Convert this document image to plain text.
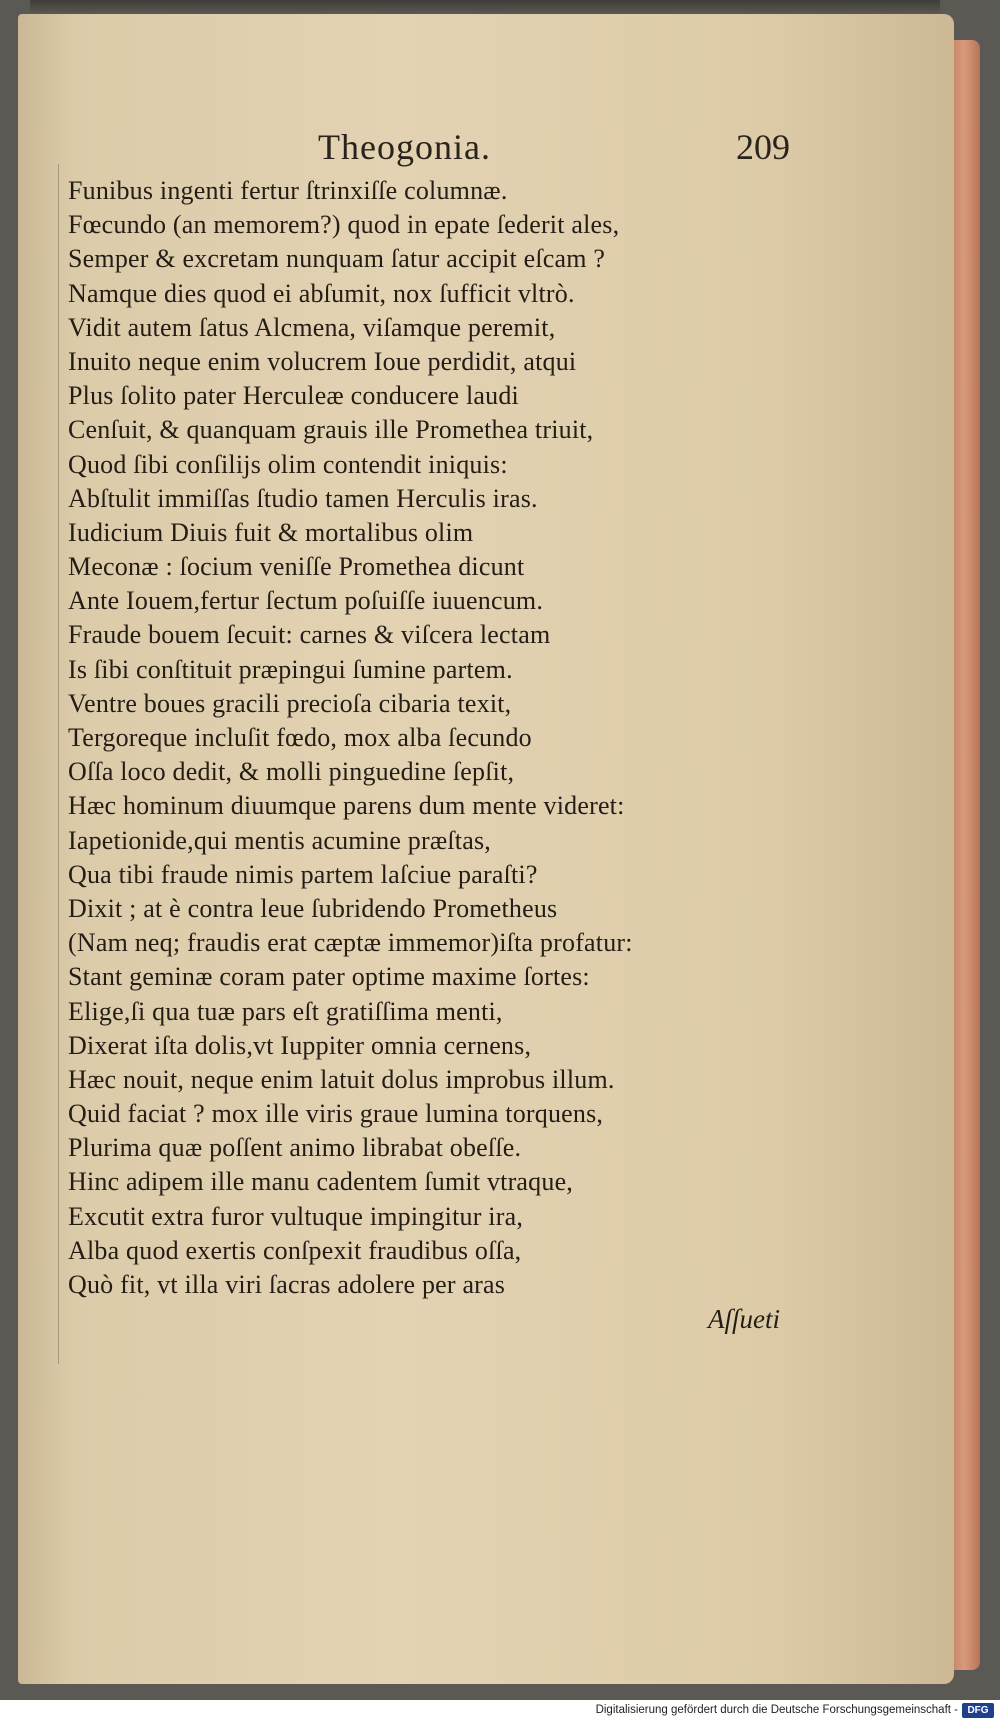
Theogonia.	209
Funibus ingenti fertur ſtrinxiſſe columnæ.
Fœcundo (an memorem?) quod in epate ſederit ales,
Semper & excretam nunquam ſatur accipit eſcam ?
Namque dies quod ei abſumit, nox ſufficit vltrò.
Vidit autem ſatus Alcmena, viſamque peremit,
Inuito neque enim volucrem Ioue perdidit, atqui
Plus ſolito pater Herculeæ conducere laudi
Cenſuit, & quanquam grauis ille Promethea triuit,
Quod ſibi conſilijs olim contendit iniquis:
Abſtulit immiſſas ſtudio tamen Herculis iras.
Iudicium Diuis fuit & mortalibus olim
Meconæ : ſocium veniſſe Promethea dicunt
Ante Iouem,fertur ſectum poſuiſſe iuuencum.
Fraude bouem ſecuit: carnes & viſcera lectam
Is ſibi conſtituit præpingui ſumine partem.
Ventre boues gracili precioſa cibaria texit,
Tergoreque incluſit fœdo, mox alba ſecundo
Oſſa loco dedit, & molli pinguedine ſepſit,
Hæc hominum diuumque parens dum mente videret:
Iapetionide,qui mentis acumine præſtas,
Qua tibi fraude nimis partem laſciue paraſti?
Dixit ; at è contra leue ſubridendo Prometheus
(Nam neq; fraudis erat cæptæ immemor)iſta profatur:
Stant geminæ coram pater optime maxime ſortes:
Elige,ſi qua tuæ pars eſt gratiſſima menti,
Dixerat iſta dolis,vt Iuppiter omnia cernens,
Hæc nouit, neque enim latuit dolus improbus illum.
Quid faciat ? mox ille viris graue lumina torquens,
Plurima quæ poſſent animo librabat obeſſe.
Hinc adipem ille manu cadentem ſumit vtraque,
Excutit extra furor vultuque impingitur ira,
Alba quod exertis conſpexit fraudibus oſſa,
Quò fit, vt illa viri ſacras adolere per aras
Aſſueti
Digitalisierung gefördert durch die Deutsche Forschungsgemeinschaft - DFG
